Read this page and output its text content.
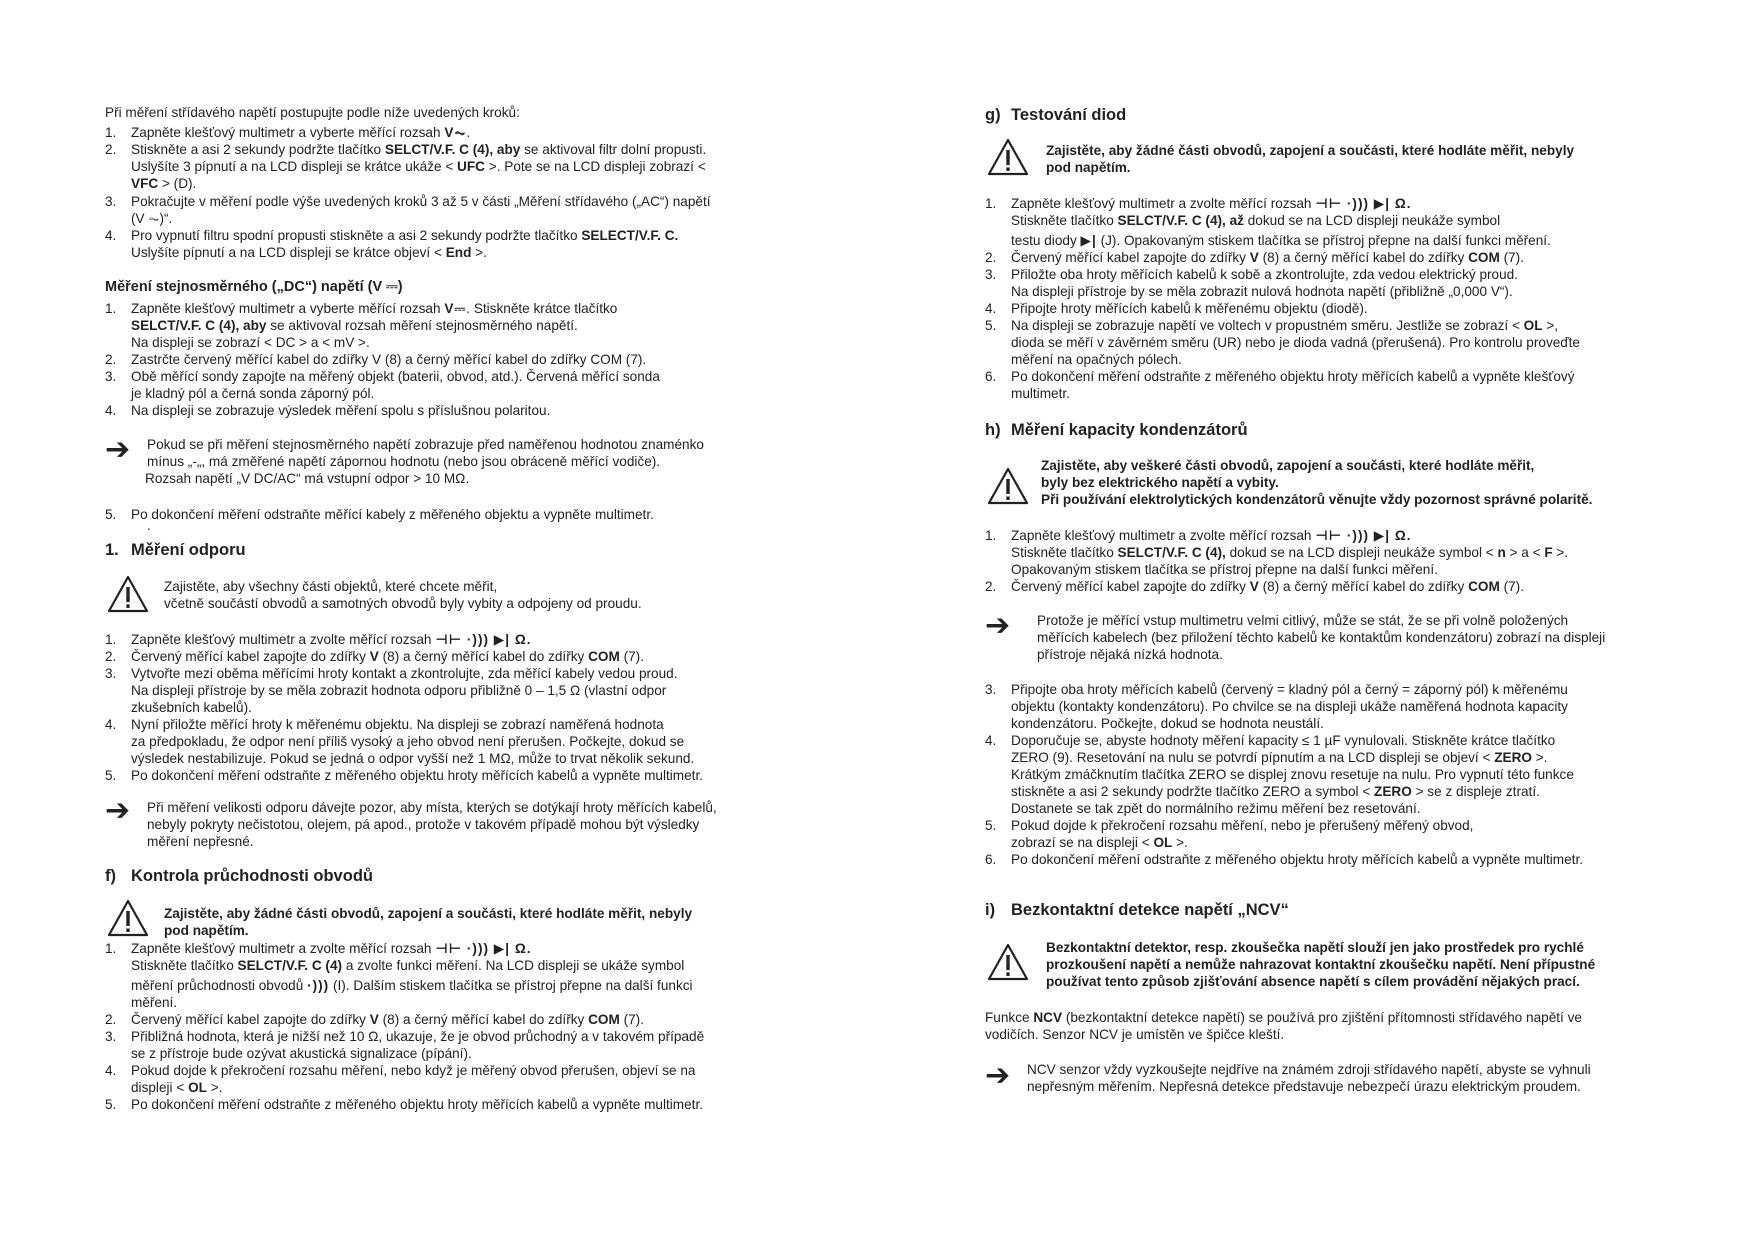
Při měření střídavého napětí postupujte podle níže uvedených kroků:
1. Zapněte klešťový multimetr a vyberte měřící rozsah V⏦.
2. Stiskněte a asi 2 sekundy podržte tlačítko SELCT/V.F. C (4), aby se aktivoval filtr dolní propusti.
Uslyšíte 3 pípnutí a na LCD displeji se krátce ukáže < UFC >. Pote se na LCD displeji zobrazí <
VFC > (D).
3. Pokračujte v měření podle výše uvedených kroků 3 až 5 v části „Měření střídavého („AC“) napětí
(V ⏦)“.
4. Pro vypnutí filtru spodní propusti stiskněte a asi 2 sekundy podržte tlačítko SELECT/V.F. C.
Uslyšíte pípnutí a na LCD displeji se krátce objeví < End >.
Měření stejnosměrného („DC“) napětí (V ⎓)
1. Zapněte klešťový multimetr a vyberte měřící rozsah V⎓. Stiskněte krátce tlačítko
SELCT/V.F. C (4), aby se aktivoval rozsah měření stejnosměrného napětí.
Na displeji se zobrazí < DC > a < mV >.
2. Zastrčte červený měřící kabel do zdířky V (8) a černý měřící kabel do zdířky COM (7).
3. Obě měřící sondy zapojte na měřený objekt (baterii, obvod, atd.). Červená měřící sonda
je kladný pól a černá sonda záporný pól.
4. Na displeji se zobrazuje výsledek měření spolu s příslušnou polaritou.
➔	Pokud se při měření stejnosměrného napětí zobrazuje před naměřenou hodnotou znaménko
mínus „-„, má změřené napětí zápornou hodnotu (nebo jsou obráceně měřící vodiče).
Rozsah napětí „V DC/AC“ má vstupní odpor > 10 MΩ.
5. Po dokončení měření odstraňte měřící kabely z měřeného objektu a vypněte multimetr.
.
1. Měření odporu
Zajistěte, aby všechny části objektů, které chcete měřit,
včetně součástí obvodů a samotných obvodů byly vybity a odpojeny od proudu.
1. Zapněte klešťový multimetr a zvolte měřící rozsah ⊣⊢ ·))) ▶| Ω.
2. Červený měřící kabel zapojte do zdířky V (8) a černý měřící kabel do zdířky COM (7).
3. Vytvořte mezi oběma měřícími hroty kontakt a zkontrolujte, zda měřící kabely vedou proud.
Na displeji přístroje by se měla zobrazit hodnota odporu přibližně 0 – 1,5 Ω (vlastní odpor
zkušebních kabelů).
4. Nyní přiložte měřící hroty k měřenému objektu. Na displeji se zobrazí naměřená hodnota
za předpokladu, že odpor není příliš vysoký a jeho obvod není přerušen. Počkejte, dokud se
výsledek nestabilizuje. Pokud se jedná o odpor vyšší než 1 MΩ, může to trvat několik sekund.
5. Po dokončení měření odstraňte z měřeného objektu hroty měřících kabelů a vypněte multimetr.
➔	Při měření velikosti odporu dávejte pozor, aby místa, kterých se dotýkají hroty měřících kabelů,
nebyly pokryty nečistotou, olejem, pá apod., protože v takovém případě mohou být výsledky
měření nepřesné.
f) Kontrola průchodnosti obvodů
Zajistěte, aby žádné části obvodů, zapojení a součásti, které hodláte měřit, nebyly
pod napětím.
1. Zapněte klešťový multimetr a zvolte měřící rozsah ⊣⊢ ·))) ▶| Ω.
Stiskněte tlačítko SELCT/V.F. C (4) a zvolte funkci měření. Na LCD displeji se ukáže symbol
měření průchodnosti obvodů ·))) (I). Dalším stiskem tlačítka se přístroj přepne na další funkci
měření.
2. Červený měřící kabel zapojte do zdířky V (8) a černý měřící kabel do zdířky COM (7).
3. Přibližná hodnota, která je nižší než 10 Ω, ukazuje, že je obvod průchodný a v takovém případě
se z přístroje bude ozývat akustická signalizace (pípání).
4. Pokud dojde k překročení rozsahu měření, nebo když je měřený obvod přerušen, objeví se na
displeji < OL >.
5. Po dokončení měření odstraňte z měřeného objektu hroty měřících kabelů a vypněte multimetr.
g) Testování diod
Zajistěte, aby žádné části obvodů, zapojení a součásti, které hodláte měřit, nebyly
pod napětím.
1. Zapněte klešťový multimetr a zvolte měřící rozsah ⊣⊢ ·))) ▶| Ω.
Stiskněte tlačítko SELCT/V.F. C (4), až dokud se na LCD displeji neukáže symbol
testu diody ▶| (J). Opakovaným stiskem tlačítka se přístroj přepne na další funkci měření.
2. Červený měřící kabel zapojte do zdířky V (8) a černý měřící kabel do zdířky COM (7).
3. Přiložte oba hroty měřících kabelů k sobě a zkontrolujte, zda vedou elektrický proud.
Na displeji přístroje by se měla zobrazit nulová hodnota napětí (přibližně „0,000 V“).
4. Připojte hroty měřících kabelů k měřenému objektu (diodě).
5. Na displeji se zobrazuje napětí ve voltech v propustném směru. Jestliže se zobrazí < OL >,
dioda se měří v závěrném směru (UR) nebo je dioda vadná (přerušená). Pro kontrolu proveďte
měření na opačných pólech.
6. Po dokončení měření odstraňte z měřeného objektu hroty měřících kabelů a vypněte klešťový
multimetr.
h) Měření kapacity kondenzátorů
Zajistěte, aby veškeré části obvodů, zapojení a součásti, které hodláte měřit,
byly bez elektrického napětí a vybity.
Při používání elektrolytických kondenzátorů věnujte vždy pozornost správné polaritě.
1. Zapněte klešťový multimetr a zvolte měřící rozsah ⊣⊢ ·))) ▶| Ω.
Stiskněte tlačítko SELCT/V.F. C (4), dokud se na LCD displeji neukáže symbol < n > a < F >.
Opakovaným stiskem tlačítka se přístroj přepne na další funkci měření.
2. Červený měřící kabel zapojte do zdířky V (8) a černý měřící kabel do zdířky COM (7).
➔	Protože je měřící vstup multimetru velmi citlivý, může se stát, že se při volně položených
měřících kabelech (bez přiložení těchto kabelů ke kontaktům kondenzátoru) zobrazí na displeji
přístroje nějaká nízká hodnota.
3. Připojte oba hroty měřících kabelů (červený = kladný pól a černý = záporný pól) k měřenému
objektu (kontakty kondenzátoru). Po chvilce se na displeji ukáže naměřená hodnota kapacity
kondenzátoru. Počkejte, dokud se hodnota neustálí.
4. Doporučuje se, abyste hodnoty měření kapacity ≤ 1 µF vynulovali. Stiskněte krátce tlačítko
ZERO (9). Resetování na nulu se potvrdí pípnutím a na LCD displeji se objeví < ZERO >.
Krátkým zmáčknutím tlačítka ZERO se displej znovu resetuje na nulu. Pro vypnutí této funkce
stiskněte a asi 2 sekundy podržte tlačítko ZERO a symbol < ZERO > se z displeje ztratí.
Dostanete se tak zpět do normálního režimu měření bez resetování.
5. Pokud dojde k překročení rozsahu měření, nebo je přerušený měřený obvod,
zobrazí se na displeji < OL >.
6. Po dokončení měření odstraňte z měřeného objektu hroty měřících kabelů a vypněte multimetr.
i) Bezkontaktní detekce napětí „NCV“
Bezkontaktní detektor, resp. zkoušečka napětí slouží jen jako prostředek pro rychlé
prozkoušení napětí a nemůže nahrazovat kontaktní zkoušečku napětí. Není přípustné
používat tento způsob zjišťování absence napětí s cílem provádění nějakých prací.
Funkce NCV (bezkontaktní detekce napětí) se používá pro zjištění přítomnosti střídavého napětí ve
vodičích. Senzor NCV je umístěn ve špičce kleští.
➔	NCV senzor vždy vyzkoušejte nejdříve na známém zdroji střídavého napětí, abyste se vyhnuli
nepřesným měřením. Nepřesná detekce představuje nebezpečí úrazu elektrickým proudem.
